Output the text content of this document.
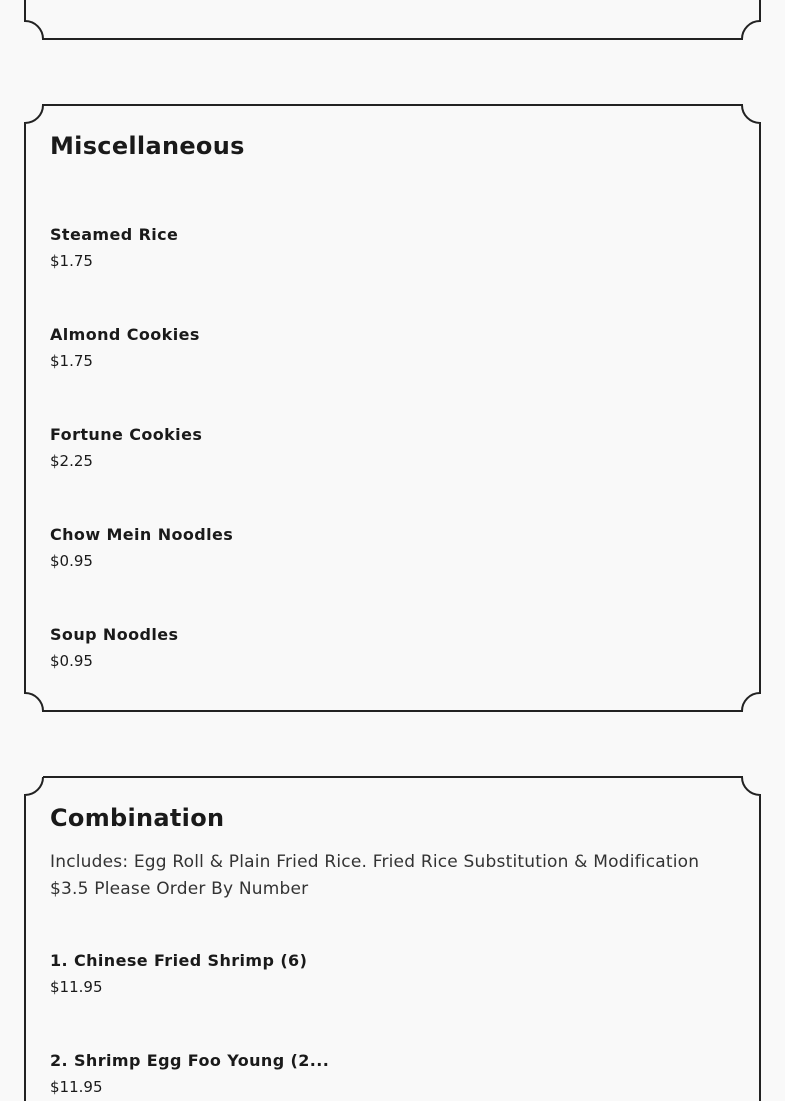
Miscellaneous
Steamed Rice
$1.75
Almond Cookies
$1.75
Fortune Cookies
$2.25
Chow Mein Noodles
$0.95
Soup Noodles
$0.95
Combination

Includes: Egg Roll & Plain Fried Rice. Fried Rice Substitution & Modification $3.5 Please Order By Number

1. Chinese Fried Shrimp (6)
$11.95
2. Shrimp Egg Foo Young (2...
$11.95
